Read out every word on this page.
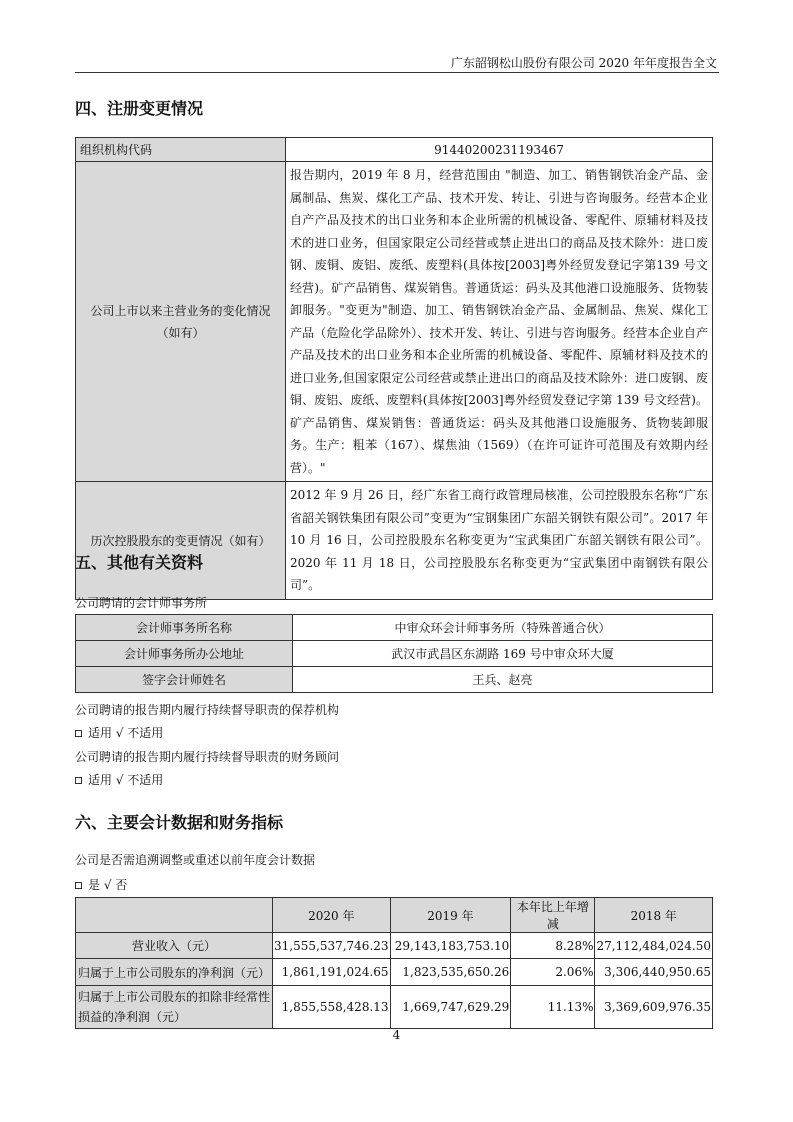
广东韶钢松山股份有限公司 2020 年年度报告全文
四、注册变更情况
组织机构代码	91440200231193467
公司上市以来主营业务的变化情况（如有）	报告期内，2019 年 8 月，经营范围由 "制造、加工、销售钢铁冶金产品、金属制品、焦炭、煤化工产品、技术开发、转让、引进与咨询服务。经营本企业自产产品及技术的出口业务和本企业所需的机械设备、零配件、原辅材料及技术的进口业务，但国家限定公司经营或禁止进出口的商品及技术除外：进口废钢、废铜、废铝、废纸、废塑料(具体按[2003]粤外经贸发登记字第139 号文经营)。矿产品销售、煤炭销售。普通货运：码头及其他港口设施服务、货物装卸服务。"变更为"制造、加工、销售钢铁冶金产品、金属制品、焦炭、煤化工产品（危险化学品除外）、技术开发、转让、引进与咨询服务。经营本企业自产产品及技术的出口业务和本企业所需的机械设备、零配件、原辅材料及技术的进口业务,但国家限定公司经营或禁止进出口的商品及技术除外：进口废钢、废铜、废铝、废纸、废塑料(具体按[2003]粤外经贸发登记字第 139 号文经营)。矿产品销售、煤炭销售：普通货运：码头及其他港口设施服务、货物装卸服务。生产：粗苯（167）、煤焦油（1569）（在许可证许可范围及有效期内经营）。"
历次控股股东的变更情况（如有）	2012 年 9 月 26 日，经广东省工商行政管理局核准，公司控股股东名称“广东省韶关钢铁集团有限公司”变更为“宝钢集团广东韶关钢铁有限公司”。2017 年 10 月 16 日，公司控股股东名称变更为“宝武集团广东韶关钢铁有限公司”。 2020 年 11 月 18 日，公司控股股东名称变更为“宝武集团中南钢铁有限公司”。
五、其他有关资料
公司聘请的会计师事务所
会计师事务所名称	中审众环会计师事务所（特殊普通合伙）
会计师事务所办公地址	武汉市武昌区东湖路 169 号中审众环大厦
签字会计师姓名	王兵、赵亮
公司聘请的报告期内履行持续督导职责的保荐机构
适用 √ 不适用
公司聘请的报告期内履行持续督导职责的财务顾问
适用 √ 不适用
六、主要会计数据和财务指标
公司是否需追溯调整或重述以前年度会计数据
是 √ 否
	2020 年	2019 年	本年比上年增减	2018 年
营业收入（元）	31,555,537,746.23	29,143,183,753.10	8.28%	27,112,484,024.50
归属于上市公司股东的净利润（元）	1,861,191,024.65	1,823,535,650.26	2.06%	3,306,440,950.65
归属于上市公司股东的扣除非经常性损益的净利润（元）	1,855,558,428.13	1,669,747,629.29	11.13%	3,369,609,976.35
4
